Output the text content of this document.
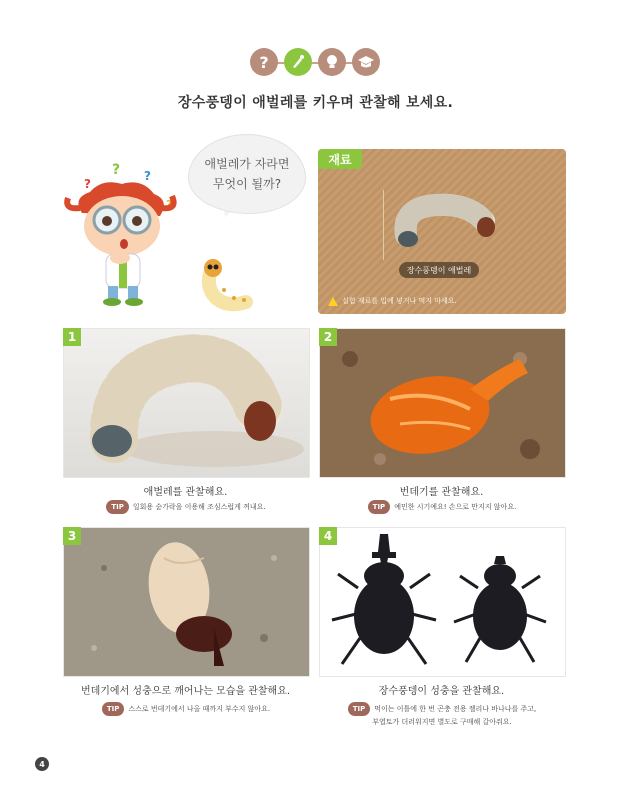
?
장수풍뎅이 애벌레를 키우며 관찰해 보세요.
? ?
?
?
애벌레가 자라면
무엇이 될까?
재료
장수풍뎅이 애벌레
실험 재료를 입에 넣거나 먹지 마세요.
1
애벌레를 관찰해요.
TIP 일회용 숟가락을 이용해 조심스럽게 꺼내요.
2
번데기를 관찰해요.
TIP 예민한 시기예요! 손으로 만지지 않아요.
3
번데기에서 성충으로 깨어나는 모습을 관찰해요.
TIP 스스로 번데기에서 나올 때까지 부수지 않아요.
4
장수풍뎅이 성충을 관찰해요.
TIP 먹이는 이틀에 한 번 곤충 전용 젤리나 바나나를 주고,
부엽토가 더러워지면 별도로 구매해 갈아줘요.
4
